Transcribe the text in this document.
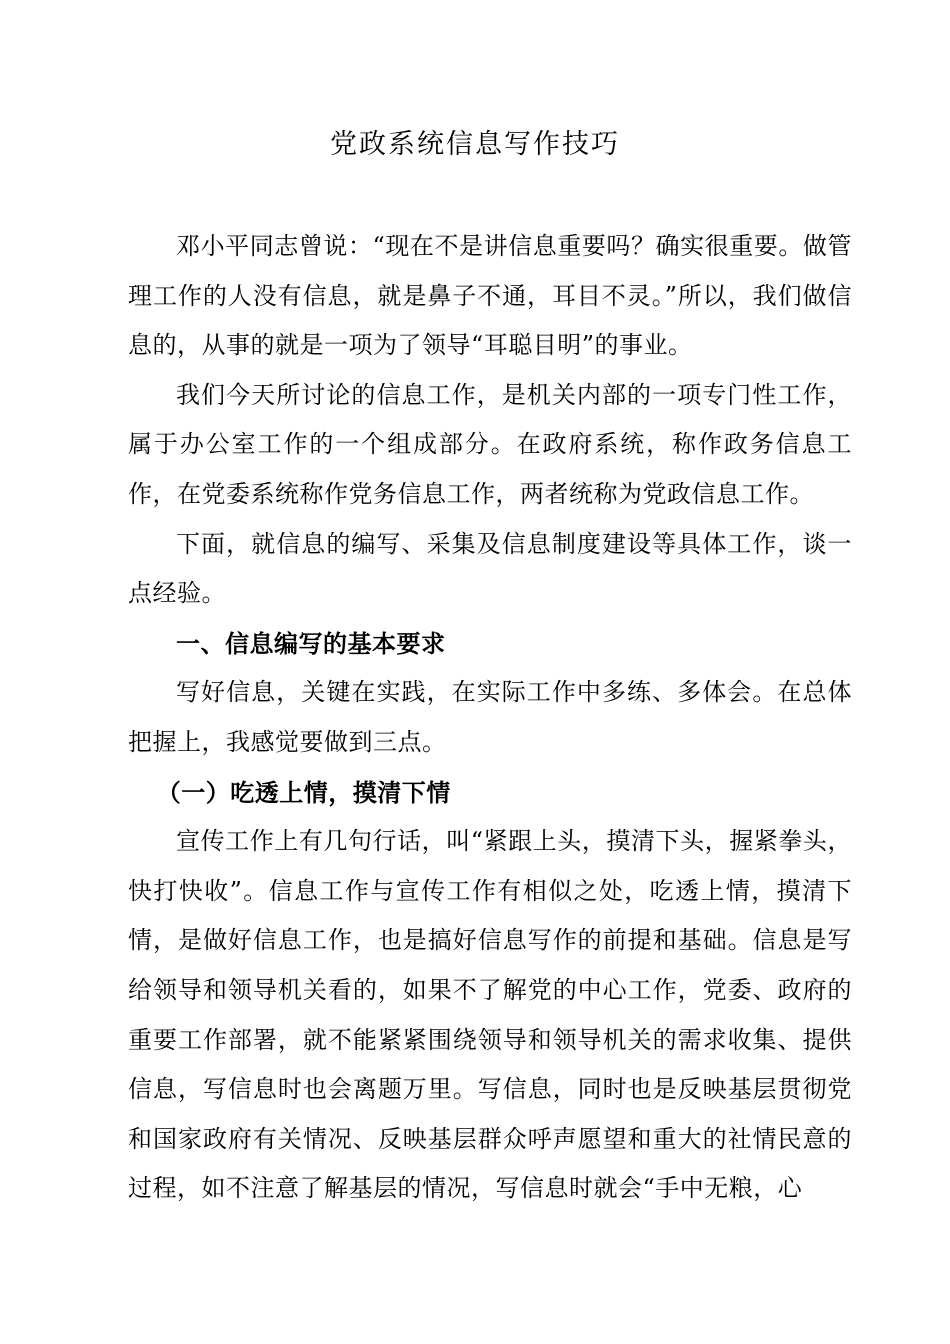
党政系统信息写作技巧

邓小平同志曾说：“现在不是讲信息重要吗？确实很重要。做管理工作的人没有信息，就是鼻子不通，耳目不灵。”所以，我们做信息的，从事的就是一项为了领导“耳聪目明”的事业。

我们今天所讨论的信息工作，是机关内部的一项专门性工作，属于办公室工作的一个组成部分。在政府系统，称作政务信息工作，在党委系统称作党务信息工作，两者统称为党政信息工作。

下面，就信息的编写、采集及信息制度建设等具体工作，谈一点经验。

一、信息编写的基本要求

写好信息，关键在实践，在实际工作中多练、多体会。在总体把握上，我感觉要做到三点。

（一）吃透上情，摸清下情

宣传工作上有几句行话，叫“紧跟上头，摸清下头，握紧拳头，快打快收”。信息工作与宣传工作有相似之处，吃透上情，摸清下情，是做好信息工作，也是搞好信息写作的前提和基础。信息是写给领导和领导机关看的，如果不了解党的中心工作，党委、政府的重要工作部署，就不能紧紧围绕领导和领导机关的需求收集、提供信息，写信息时也会离题万里。写信息，同时也是反映基层贯彻党和国家政府有关情况、反映基层群众呼声愿望和重大的社情民意的过程，如不注意了解基层的情况，写信息时就会“手中无粮，心
